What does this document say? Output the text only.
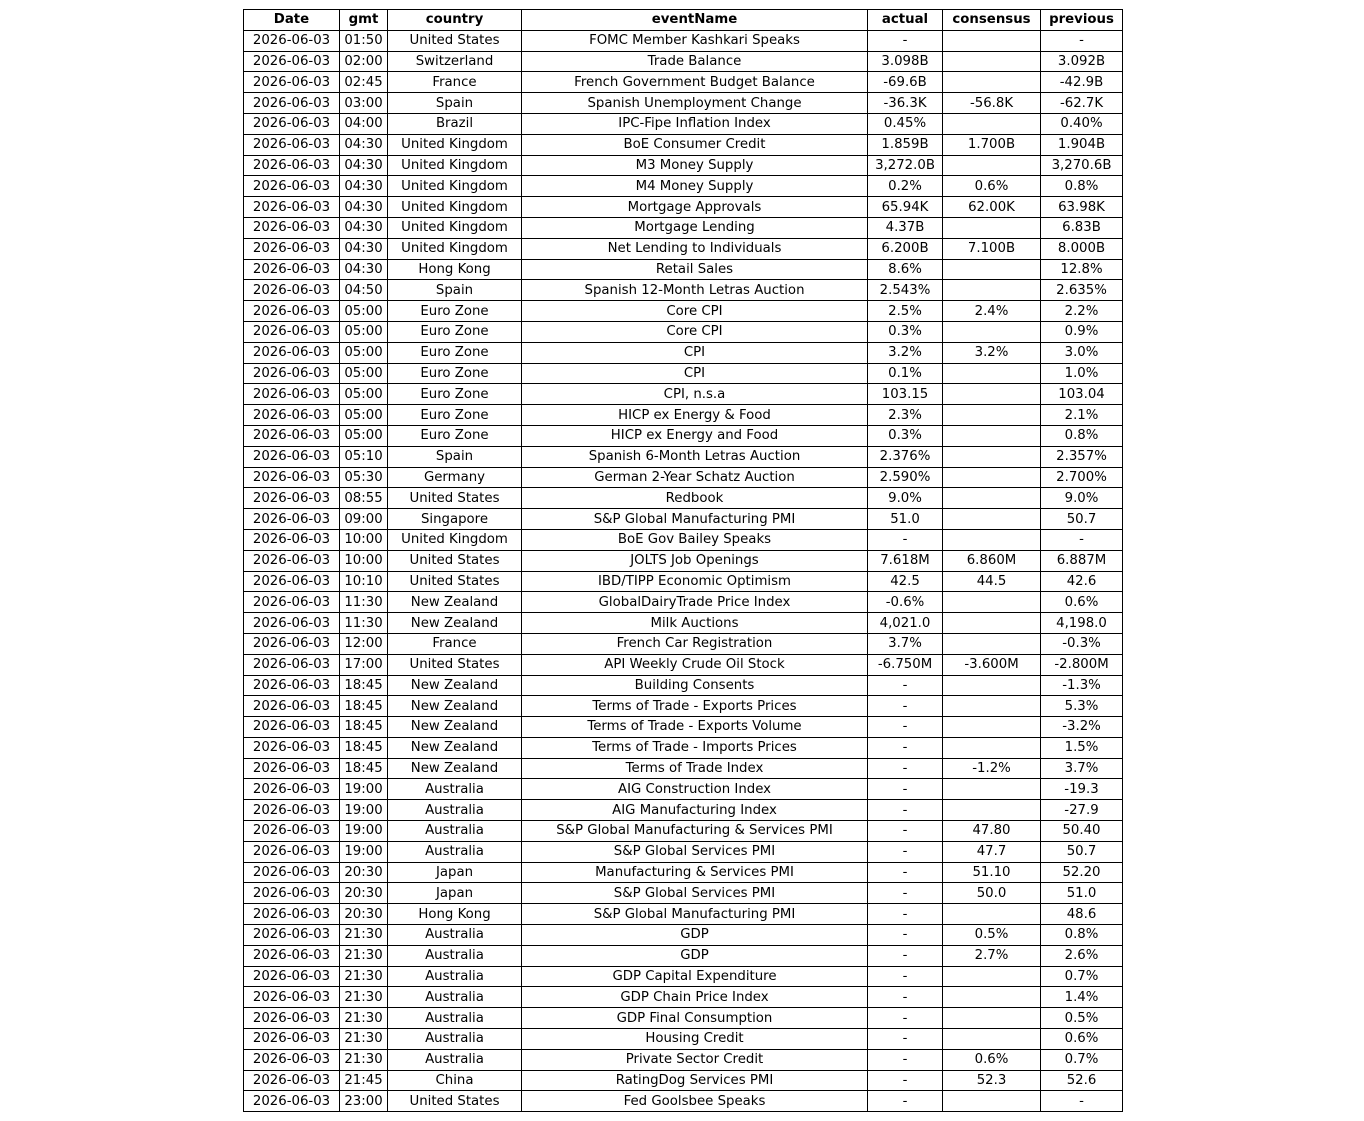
Date	gmt	country	eventName	actual	consensus	previous
2026-06-03	01:50	United States	FOMC Member Kashkari Speaks	-		-
2026-06-03	02:00	Switzerland	Trade Balance	3.098B		3.092B
2026-06-03	02:45	France	French Government Budget Balance	-69.6B		-42.9B
2026-06-03	03:00	Spain	Spanish Unemployment Change	-36.3K	-56.8K	-62.7K
2026-06-03	04:00	Brazil	IPC-Fipe Inflation Index	0.45%		0.40%
2026-06-03	04:30	United Kingdom	BoE Consumer Credit	1.859B	1.700B	1.904B
2026-06-03	04:30	United Kingdom	M3 Money Supply	3,272.0B		3,270.6B
2026-06-03	04:30	United Kingdom	M4 Money Supply	0.2%	0.6%	0.8%
2026-06-03	04:30	United Kingdom	Mortgage Approvals	65.94K	62.00K	63.98K
2026-06-03	04:30	United Kingdom	Mortgage Lending	4.37B		6.83B
2026-06-03	04:30	United Kingdom	Net Lending to Individuals	6.200B	7.100B	8.000B
2026-06-03	04:30	Hong Kong	Retail Sales	8.6%		12.8%
2026-06-03	04:50	Spain	Spanish 12-Month Letras Auction	2.543%		2.635%
2026-06-03	05:00	Euro Zone	Core CPI	2.5%	2.4%	2.2%
2026-06-03	05:00	Euro Zone	Core CPI	0.3%		0.9%
2026-06-03	05:00	Euro Zone	CPI	3.2%	3.2%	3.0%
2026-06-03	05:00	Euro Zone	CPI	0.1%		1.0%
2026-06-03	05:00	Euro Zone	CPI, n.s.a	103.15		103.04
2026-06-03	05:00	Euro Zone	HICP ex Energy & Food	2.3%		2.1%
2026-06-03	05:00	Euro Zone	HICP ex Energy and Food	0.3%		0.8%
2026-06-03	05:10	Spain	Spanish 6-Month Letras Auction	2.376%		2.357%
2026-06-03	05:30	Germany	German 2-Year Schatz Auction	2.590%		2.700%
2026-06-03	08:55	United States	Redbook	9.0%		9.0%
2026-06-03	09:00	Singapore	S&P Global Manufacturing PMI	51.0		50.7
2026-06-03	10:00	United Kingdom	BoE Gov Bailey Speaks	-		-
2026-06-03	10:00	United States	JOLTS Job Openings	7.618M	6.860M	6.887M
2026-06-03	10:10	United States	IBD/TIPP Economic Optimism	42.5	44.5	42.6
2026-06-03	11:30	New Zealand	GlobalDairyTrade Price Index	-0.6%		0.6%
2026-06-03	11:30	New Zealand	Milk Auctions	4,021.0		4,198.0
2026-06-03	12:00	France	French Car Registration	3.7%		-0.3%
2026-06-03	17:00	United States	API Weekly Crude Oil Stock	-6.750M	-3.600M	-2.800M
2026-06-03	18:45	New Zealand	Building Consents	-		-1.3%
2026-06-03	18:45	New Zealand	Terms of Trade - Exports Prices	-		5.3%
2026-06-03	18:45	New Zealand	Terms of Trade - Exports Volume	-		-3.2%
2026-06-03	18:45	New Zealand	Terms of Trade - Imports Prices	-		1.5%
2026-06-03	18:45	New Zealand	Terms of Trade Index	-	-1.2%	3.7%
2026-06-03	19:00	Australia	AIG Construction Index	-		-19.3
2026-06-03	19:00	Australia	AIG Manufacturing Index	-		-27.9
2026-06-03	19:00	Australia	S&P Global Manufacturing & Services PMI	-	47.80	50.40
2026-06-03	19:00	Australia	S&P Global Services PMI	-	47.7	50.7
2026-06-03	20:30	Japan	Manufacturing & Services PMI	-	51.10	52.20
2026-06-03	20:30	Japan	S&P Global Services PMI	-	50.0	51.0
2026-06-03	20:30	Hong Kong	S&P Global Manufacturing PMI	-		48.6
2026-06-03	21:30	Australia	GDP	-	0.5%	0.8%
2026-06-03	21:30	Australia	GDP	-	2.7%	2.6%
2026-06-03	21:30	Australia	GDP Capital Expenditure	-		0.7%
2026-06-03	21:30	Australia	GDP Chain Price Index	-		1.4%
2026-06-03	21:30	Australia	GDP Final Consumption	-		0.5%
2026-06-03	21:30	Australia	Housing Credit	-		0.6%
2026-06-03	21:30	Australia	Private Sector Credit	-	0.6%	0.7%
2026-06-03	21:45	China	RatingDog Services PMI	-	52.3	52.6
2026-06-03	23:00	United States	Fed Goolsbee Speaks	-		-
